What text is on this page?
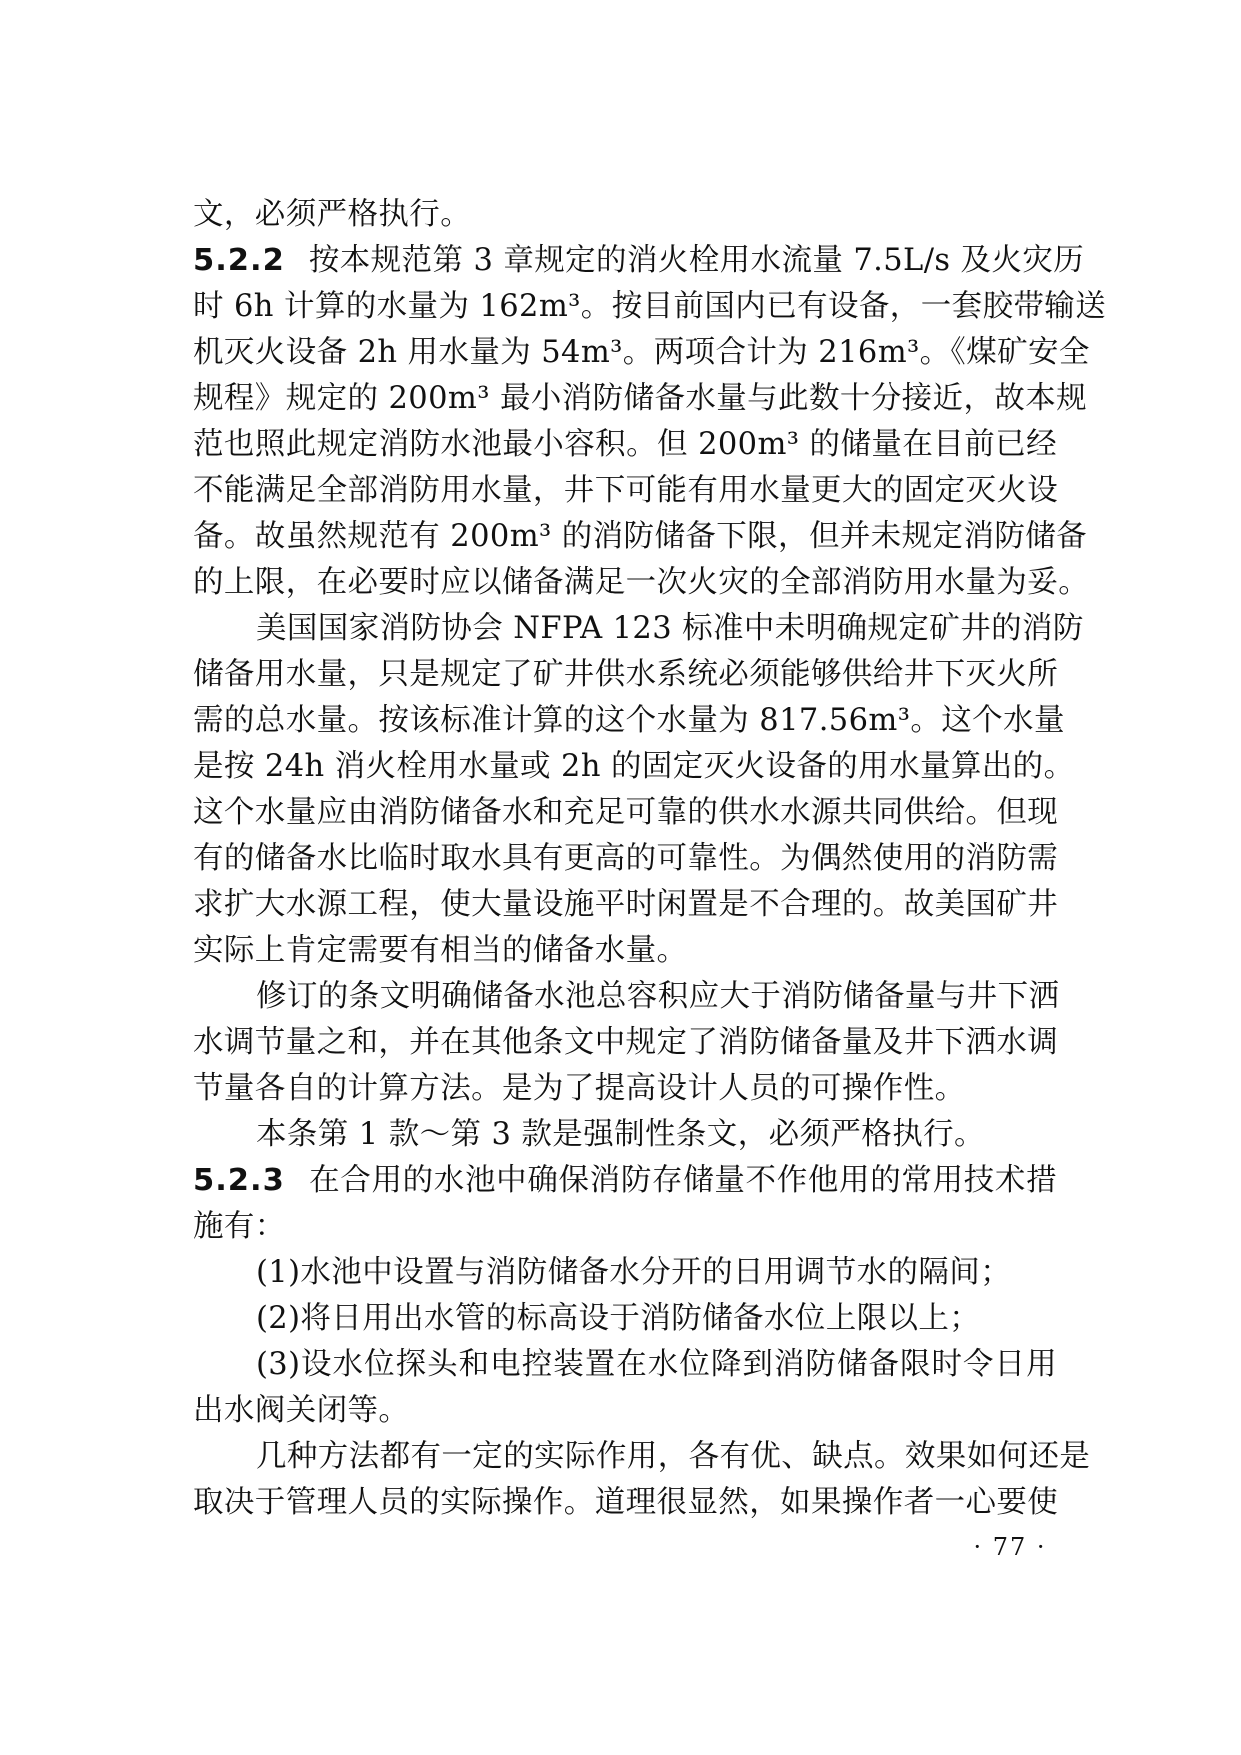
文，必须严格执行。
5.2.2 按本规范第 3 章规定的消火栓用水流量 7.5L/s 及火灾历
时 6h 计算的水量为 162m³。按目前国内已有设备，一套胶带输送
机灭火设备 2h 用水量为 54m³。两项合计为 216m³。《煤矿安全
规程》规定的 200m³ 最小消防储备水量与此数十分接近，故本规
范也照此规定消防水池最小容积。但 200m³ 的储量在目前已经
不能满足全部消防用水量，井下可能有用水量更大的固定灭火设
备。故虽然规范有 200m³ 的消防储备下限，但并未规定消防储备
的上限，在必要时应以储备满足一次火灾的全部消防用水量为妥。
美国国家消防协会 NFPA 123 标准中未明确规定矿井的消防
储备用水量，只是规定了矿井供水系统必须能够供给井下灭火所
需的总水量。按该标准计算的这个水量为 817.56m³。这个水量
是按 24h 消火栓用水量或 2h 的固定灭火设备的用水量算出的。
这个水量应由消防储备水和充足可靠的供水水源共同供给。但现
有的储备水比临时取水具有更高的可靠性。为偶然使用的消防需
求扩大水源工程，使大量设施平时闲置是不合理的。故美国矿井
实际上肯定需要有相当的储备水量。
修订的条文明确储备水池总容积应大于消防储备量与井下洒
水调节量之和，并在其他条文中规定了消防储备量及井下洒水调
节量各自的计算方法。是为了提高设计人员的可操作性。
本条第 1 款～第 3 款是强制性条文，必须严格执行。
5.2.3 在合用的水池中确保消防存储量不作他用的常用技术措
施有：
(1)水池中设置与消防储备水分开的日用调节水的隔间；
(2)将日用出水管的标高设于消防储备水位上限以上；
(3)设水位探头和电控装置在水位降到消防储备限时令日用
出水阀关闭等。
几种方法都有一定的实际作用，各有优、缺点。效果如何还是
取决于管理人员的实际操作。道理很显然，如果操作者一心要使
· 77 ·
